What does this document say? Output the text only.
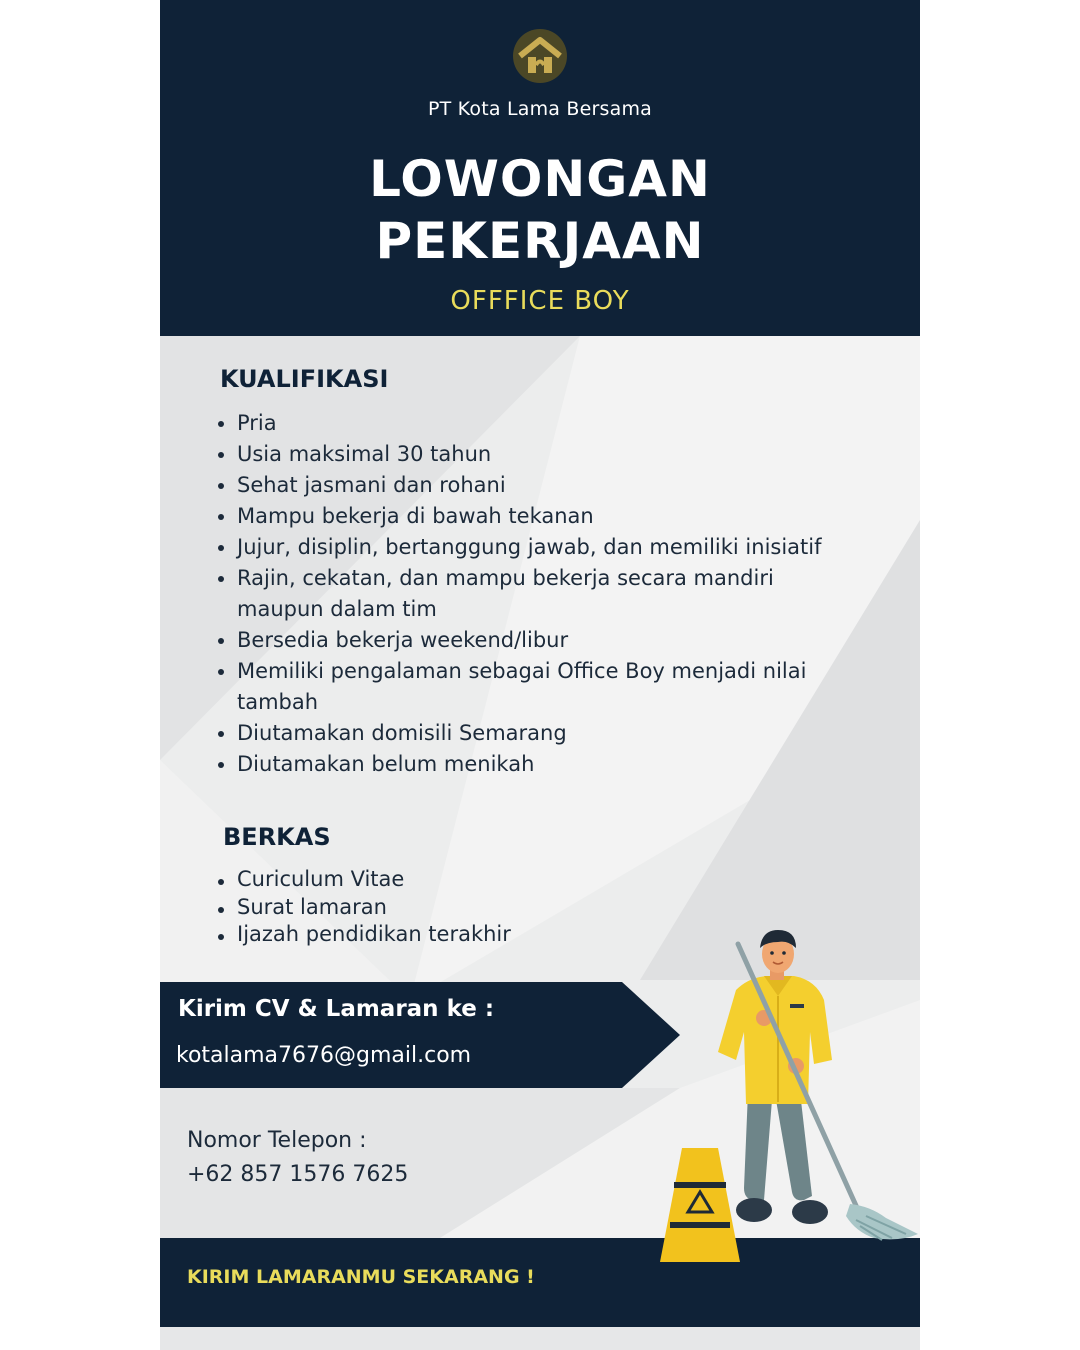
PT Kota Lama Bersama
LOWONGAN
PEKERJAAN
OFFFICE BOY
KUALIFIKASI
Pria
Usia maksimal 30 tahun
Sehat jasmani dan rohani
Mampu bekerja di bawah tekanan
Jujur, disiplin, bertanggung jawab, dan memiliki inisiatif
Rajin, cekatan, dan mampu bekerja secara mandiri maupun dalam tim
Bersedia bekerja weekend/libur
Memiliki pengalaman sebagai Office Boy menjadi nilai tambah
Diutamakan domisili Semarang
Diutamakan belum menikah
BERKAS
Curiculum Vitae
Surat lamaran
Ijazah pendidikan terakhir
Kirim CV & Lamaran ke :
kotalama7676@gmail.com
Nomor Telepon :
+62 857 1576 7625
KIRIM LAMARANMU SEKARANG !
